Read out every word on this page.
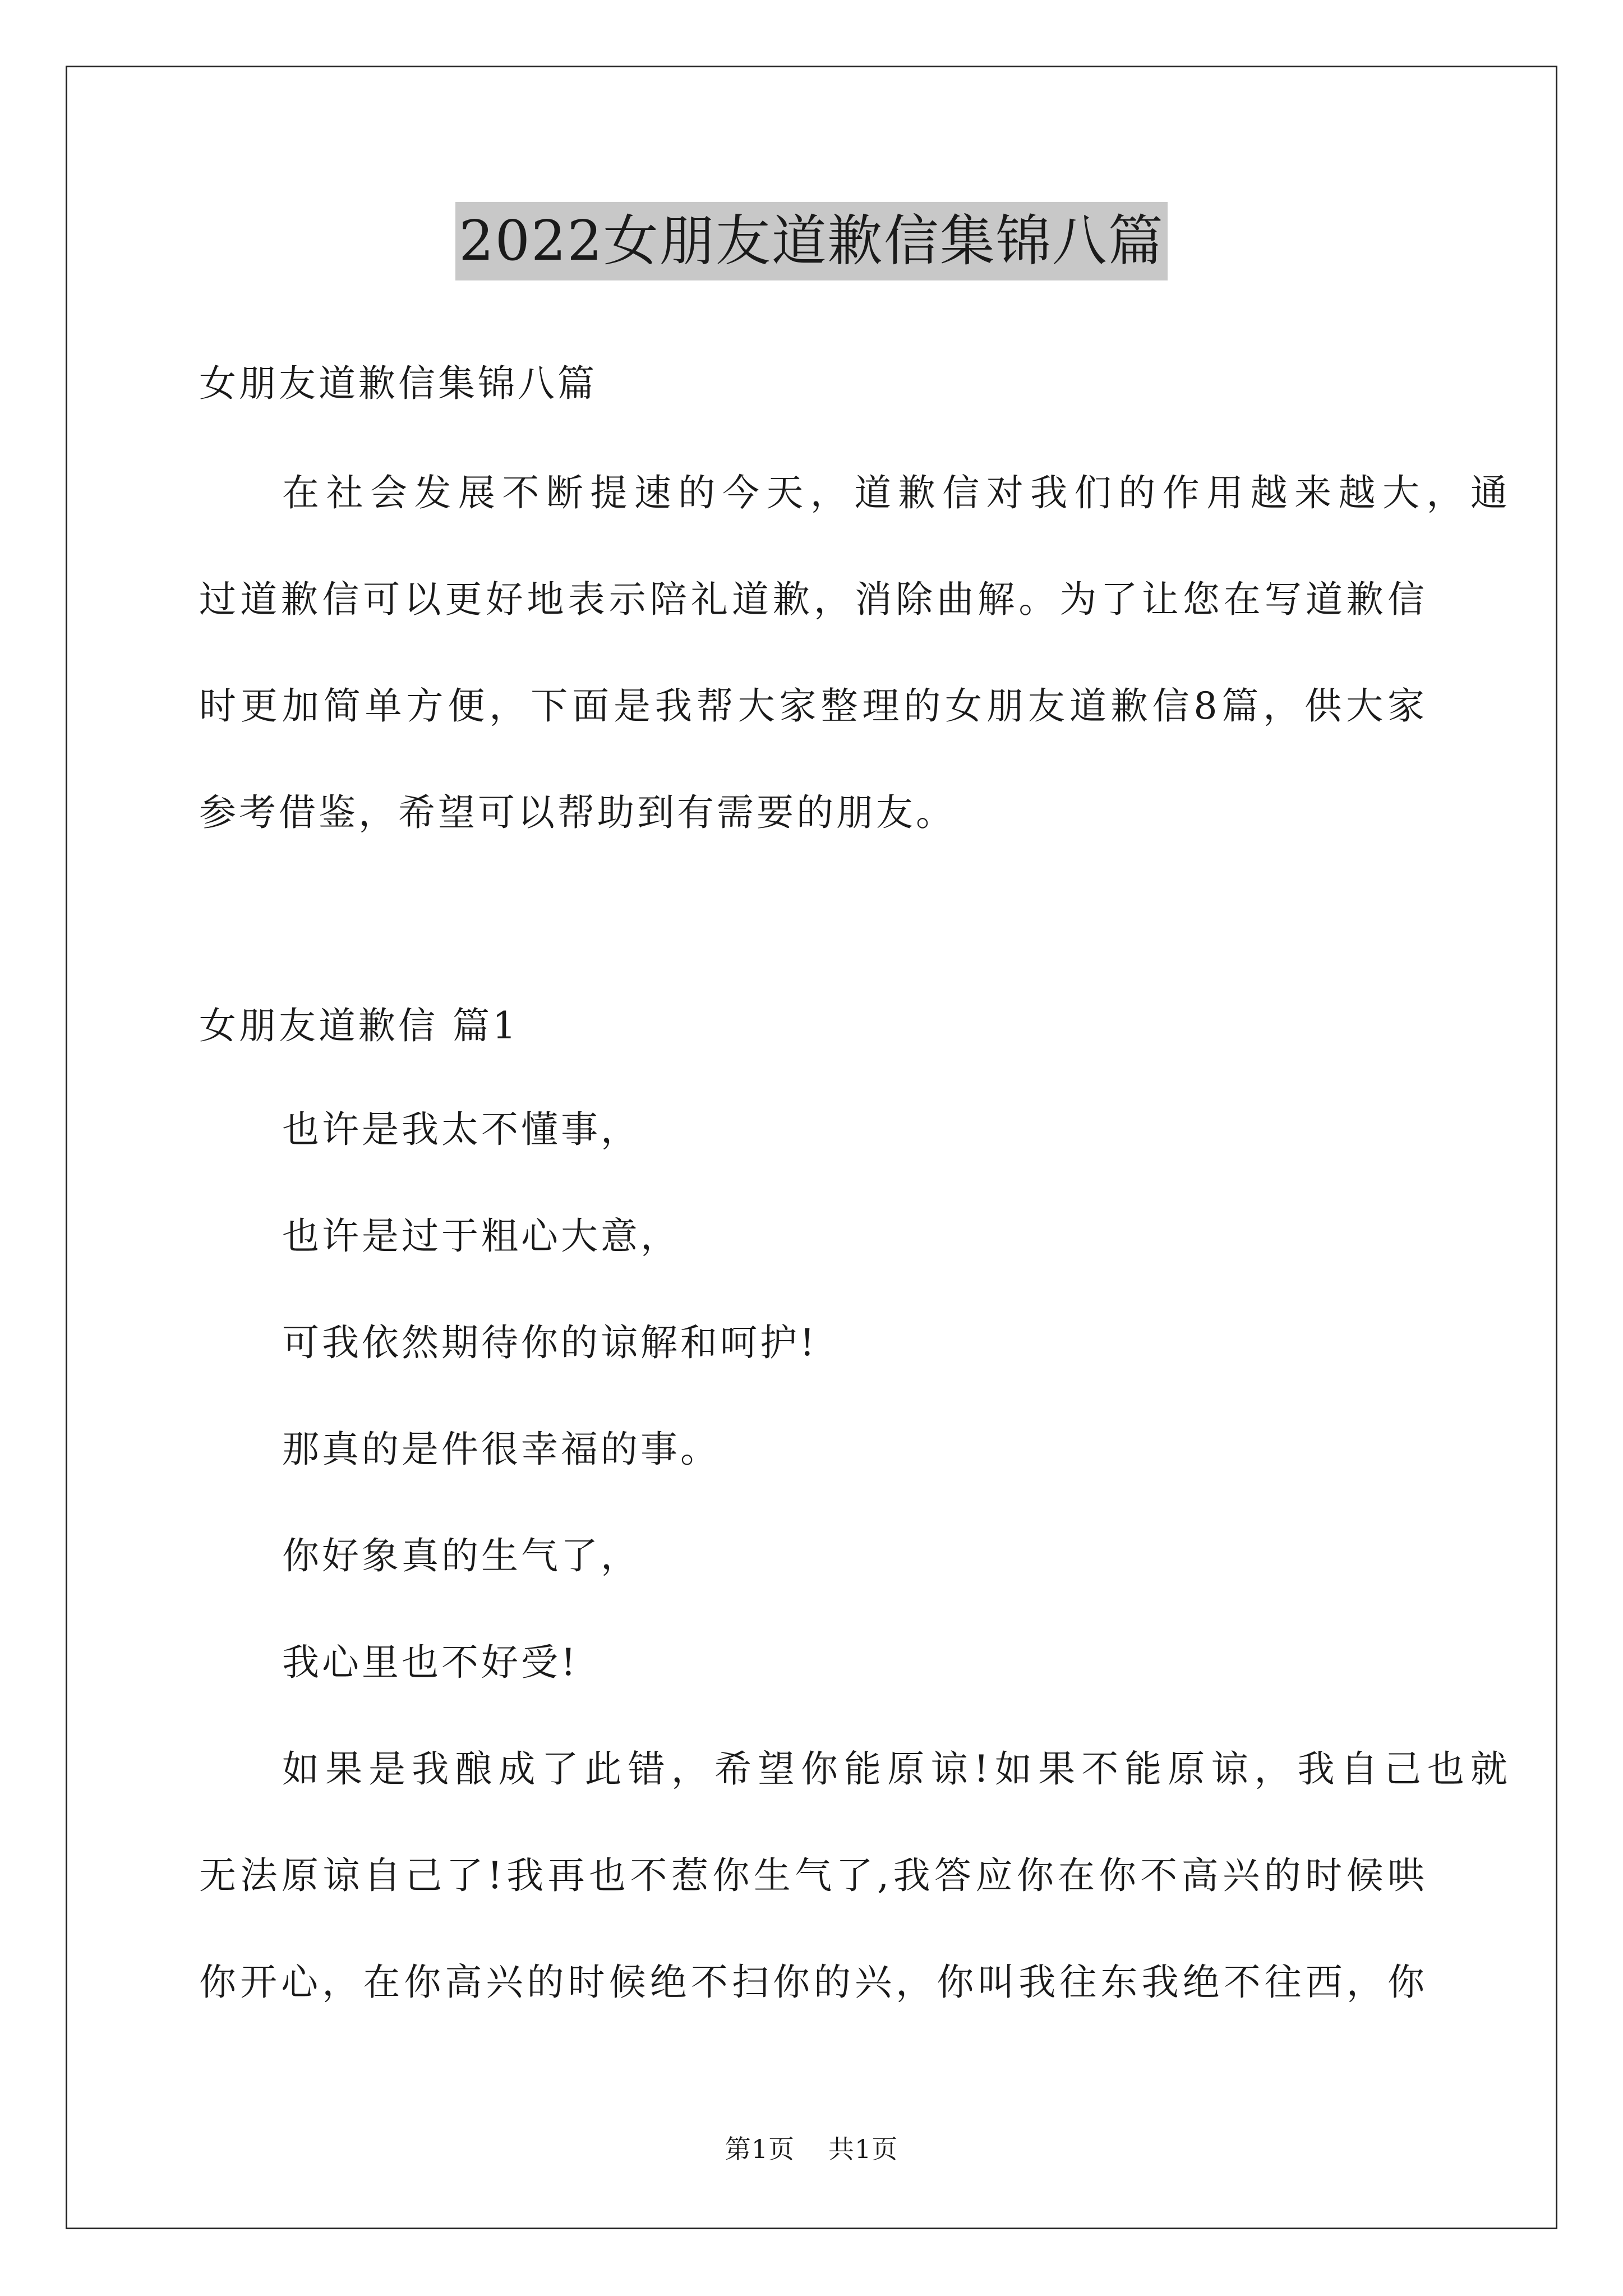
2022女朋友道歉信集锦八篇
女朋友道歉信集锦八篇
在社会发展不断提速的今天，道歉信对我们的作用越来越大，通
过道歉信可以更好地表示陪礼道歉，消除曲解。为了让您在写道歉信
时更加简单方便，下面是我帮大家整理的女朋友道歉信8篇，供大家
参考借鉴，希望可以帮助到有需要的朋友。
女朋友道歉信 篇1
也许是我太不懂事，
也许是过于粗心大意，
可我依然期待你的谅解和呵护!
那真的是件很幸福的事。
你好象真的生气了，
我心里也不好受!
如果是我酿成了此错，希望你能原谅!如果不能原谅，我自己也就
无法原谅自己了!我再也不惹你生气了,我答应你在你不高兴的时候哄
你开心，在你高兴的时候绝不扫你的兴，你叫我往东我绝不往西，你
第1页 共1页
